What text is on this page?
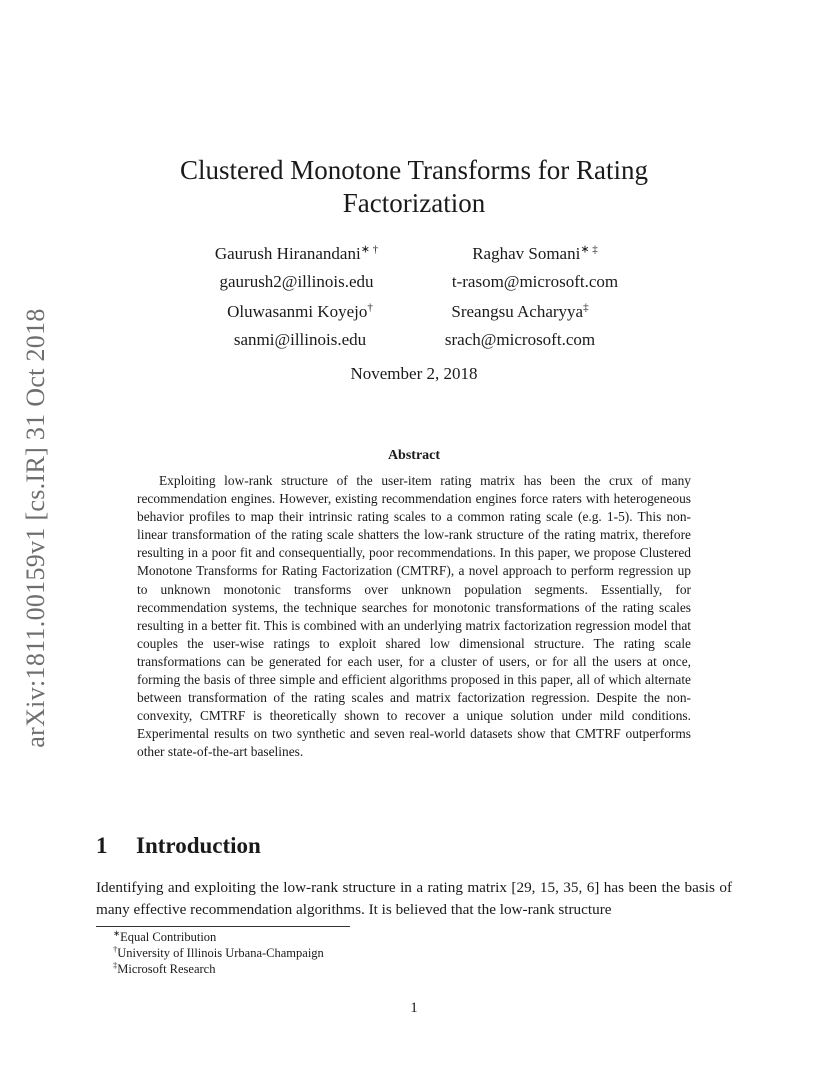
arXiv:1811.00159v1 [cs.IR] 31 Oct 2018
Clustered Monotone Transforms for Rating Factorization
Gaurush Hiranandani∗ †
gaurush2@illinois.edu
Raghav Somani∗ ‡
t-rasom@microsoft.com
Oluwasanmi Koyejo†
sanmi@illinois.edu
Sreangsu Acharyya‡
srach@microsoft.com
November 2, 2018
Abstract

Exploiting low-rank structure of the user-item rating matrix has been the crux of many recommendation engines. However, existing recommendation engines force raters with heterogeneous behavior profiles to map their intrinsic rating scales to a common rating scale (e.g. 1-5). This non-linear transformation of the rating scale shatters the low-rank structure of the rating matrix, therefore resulting in a poor fit and consequentially, poor recommendations. In this paper, we propose Clustered Monotone Transforms for Rating Factorization (CMTRF), a novel approach to perform regression up to unknown monotonic transforms over unknown population segments. Essentially, for recommendation systems, the technique searches for monotonic transformations of the rating scales resulting in a better fit. This is combined with an underlying matrix factorization regression model that couples the user-wise ratings to exploit shared low dimensional structure. The rating scale transformations can be generated for each user, for a cluster of users, or for all the users at once, forming the basis of three simple and efficient algorithms proposed in this paper, all of which alternate between transformation of the rating scales and matrix factorization regression. Despite the non-convexity, CMTRF is theoretically shown to recover a unique solution under mild conditions. Experimental results on two synthetic and seven real-world datasets show that CMTRF outperforms other state-of-the-art baselines.

1 Introduction

Identifying and exploiting the low-rank structure in a rating matrix [29, 15, 35, 6] has been the basis of many effective recommendation algorithms. It is believed that the low-rank structure

∗Equal Contribution
†University of Illinois Urbana-Champaign
‡Microsoft Research
1
